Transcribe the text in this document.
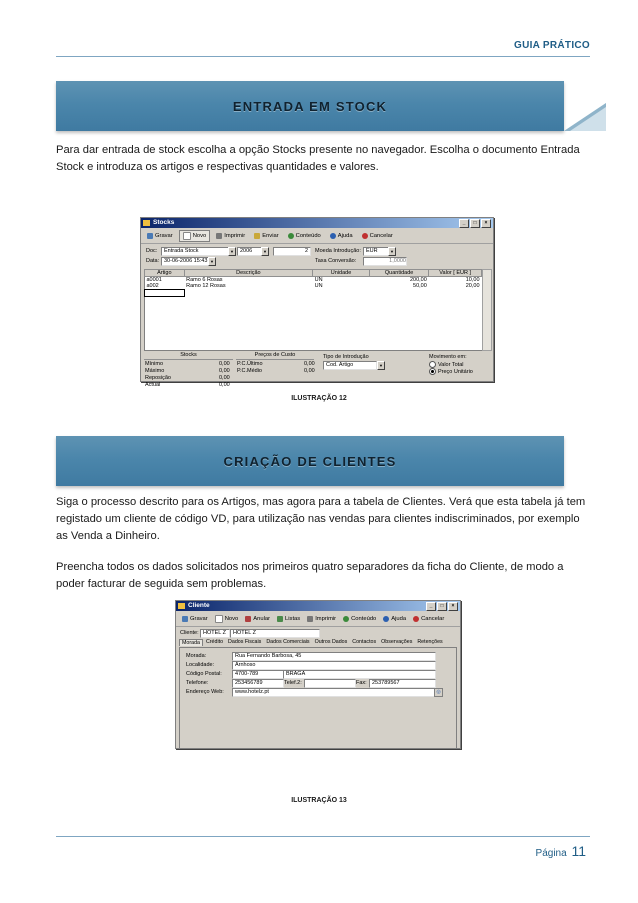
GUIA PRÁTICO
ENTRADA EM STOCK
Para dar entrada de stock escolha a opção Stocks presente no navegador. Escolha o documento Entrada Stock e introduza os artigos e respectivas quantidades e valores.
Stocks	_	□	×
Gravar	Novo	Imprimir	Enviar	Conteúdo	Ajuda	Cancelar
Doc:	Entrada Stock	▼	2006	▼	2
Data: 30-06-2006 15:43 ▼
Moeda Introdução: EUR	▼
Taxa Conversão:	1,0000
Artigo	Descrição	Unidade	Quantidade	Valor [ EUR ]
a0001	Ramo 6 Rosas	UN	200,00	10,00
a002	Ramo 12 Rosas	UN	50,00	20,00

Stocks	Preços de Custo
Mínimo	0,00
Máximo	0,00
Reposição	0,00
Actual	0,00
P.C.Último	0,00
P.C.Médio	0,00
Tipo de Introdução
Cod. Artigo	▼
Movimento em:
Valor Total
Preço Unitário
ILUSTRAÇÃO 12
CRIAÇÃO DE CLIENTES
Siga o processo descrito para os Artigos, mas agora para a tabela de Clientes. Verá que esta tabela já tem registado um cliente de código VD, para utilização nas vendas para clientes indiscriminados, por exemplo as Venda a Dinheiro.
Preencha todos os dados solicitados nos primeiros quatro separadores da ficha do Cliente, de modo a poder facturar de seguida sem problemas.
Cliente	_	□	×
Gravar	Novo	Anular	Listas	Imprimir	Conteúdo	Ajuda	Cancelar
Cliente: HOTEL Z	HOTEL Z
Morada	Crédito Dados Fiscais Dados Comerciais Outros Dados Contactos Observações Retenções
Morada:	Rua Fernando Barbosa, 45
Localidade:	Arnhoso
Código Postal:	4700-789	BRAGA
Telefone:	253456789	Telef.2:	Fax: 253789567
Endereço Web:	www.hotelz.pt	◎
ILUSTRAÇÃO 13
Página 11
